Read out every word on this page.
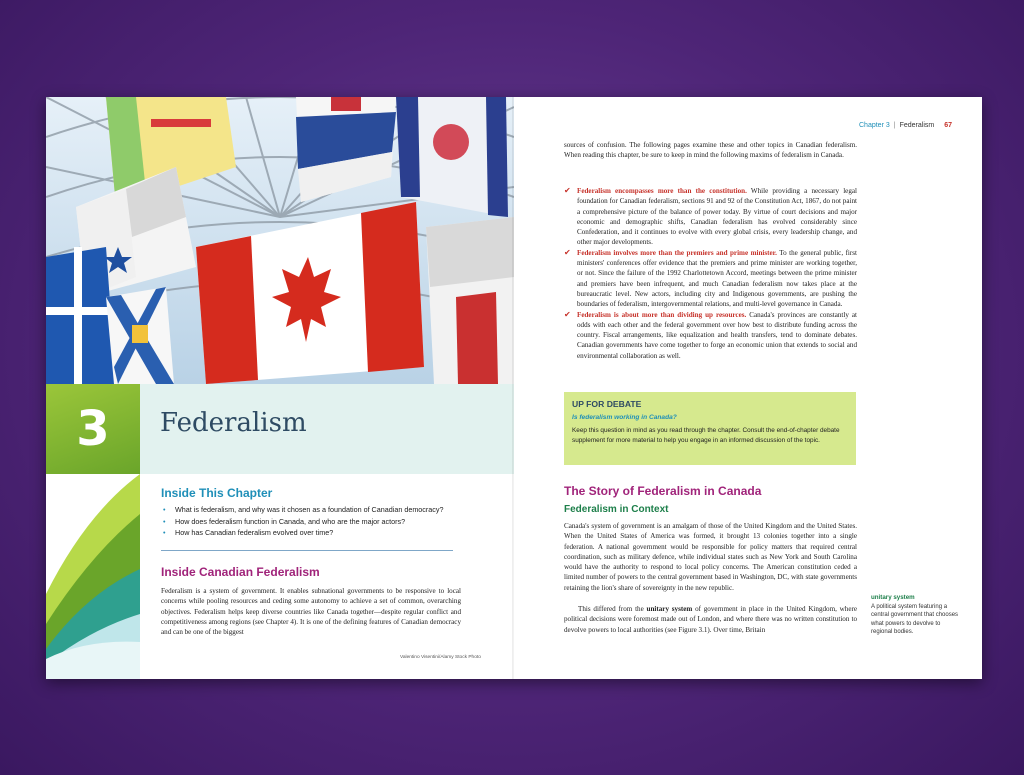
3	Federalism
Inside This Chapter
• What is federalism, and why was it chosen as a foundation of Canadian democracy?
• How does federalism function in Canada, and who are the major actors?
• How has Canadian federalism evolved over time?
Inside Canadian Federalism

Federalism is a system of government. It enables subnational governments to be responsive to local concerns while pooling resources and ceding some autonomy to achieve a set of common, overarching objectives. Federalism helps keep diverse countries like Canada together—despite regular conflict and competitiveness among regions (see Chapter 4). It is one of the defining features of Canadian democracy and can be one of the biggest

Valentino Visentini/Alamy Stock Photo
Chapter 3 | Federalism 67

sources of confusion. The following pages examine these and other topics in Canadian federalism. When reading this chapter, be sure to keep in mind the following maxims of federalism in Canada.

✔ Federalism encompasses more than the constitution. While providing a necessary legal foundation for Canadian federalism, sections 91 and 92 of the Constitution Act, 1867, do not paint a comprehensive picture of the balance of power today. By virtue of court decisions and major economic and demographic shifts, Canadian federalism has evolved considerably since Confederation, and it continues to evolve with every global crisis, every leadership change, and other major developments.
✔ Federalism involves more than the premiers and prime minister. To the general public, first ministers' conferences offer evidence that the premiers and prime minister are working together, or not. Since the failure of the 1992 Charlottetown Accord, meetings between the prime minister and premiers have been infrequent, and much Canadian federalism now takes place at the bureaucratic level. New actors, including city and Indigenous governments, are pushing the boundaries of federalism, intergovernmental relations, and multi-level governance in Canada.
✔ Federalism is about more than dividing up resources. Canada's provinces are constantly at odds with each other and the federal government over how best to distribute funding across the country. Fiscal arrangements, like equalization and health transfers, tend to dominate debates. Canadian governments have come together to forge an economic union that extends to social and environmental collaboration as well.
UP FOR DEBATE
Is federalism working in Canada?

Keep this question in mind as you read through the chapter. Consult the end-of-chapter debate supplement for more material to help you engage in an informed discussion of the topic.

The Story of Federalism in Canada
Federalism in Context

Canada's system of government is an amalgam of those of the United Kingdom and the United States. When the United States of America was formed, it brought 13 colonies together into a single federation. A national government would be responsible for policy matters that required central coordination, such as military defence, while individual states such as New York and South Carolina would have the authority to respond to local policy concerns. The American constitution ceded a limited number of powers to the central government based in Washington, DC, with state governments retaining the lion's share of sovereignty in the new republic.

This differed from the unitary system of government in place in the United Kingdom, where political decisions were foremost made out of London, and where there was no written constitution to devolve powers to local authorities (see Figure 3.1). Over time, Britain

unitary system

A political system featuring a central government that chooses what powers to devolve to regional bodies.
